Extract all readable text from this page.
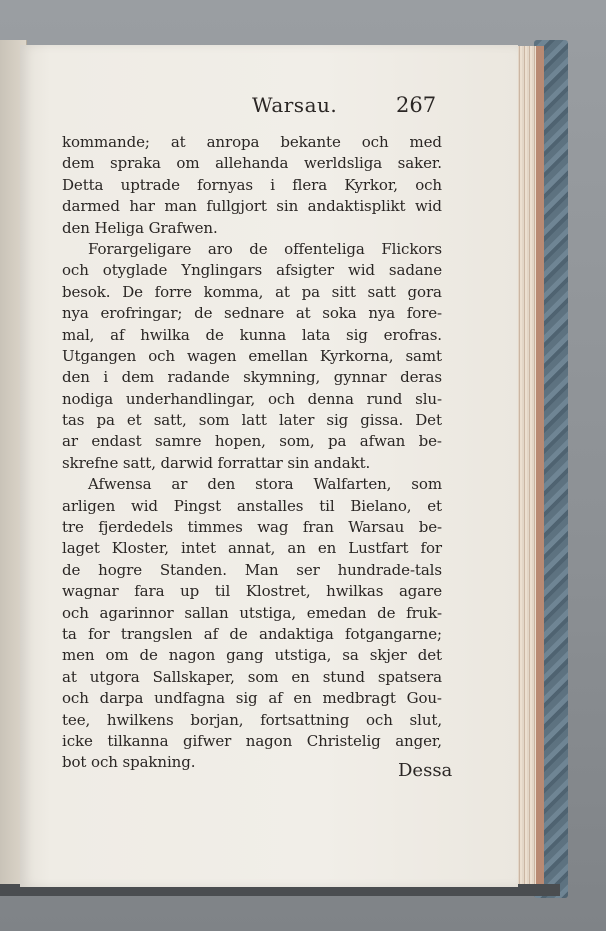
Warsau.	267
kommande; at anropa bekante och med
dem spraka om allehanda werldsliga saker.
Detta uptrade fornyas i flera Kyrkor, och
darmed har man fullgjort sin andaktisplikt wid
den Heliga Grafwen.
Forargeligare aro de offenteliga Flickors
och otyglade Ynglingars afsigter wid sadane
besok. De forre komma, at pa sitt satt gora
nya erofringar; de sednare at soka nya fore-
mal, af hwilka de kunna lata sig erofras.
Utgangen och wagen emellan Kyrkorna, samt
den i dem radande skymning, gynnar deras
nodiga underhandlingar, och denna rund slu-
tas pa et satt, som latt later sig gissa. Det
ar endast samre hopen, som, pa afwan be-
skrefne satt, darwid forrattar sin andakt.
Afwensa ar den stora Walfarten, som
arligen wid Pingst anstalles til Bielano, et
tre fjerdedels timmes wag fran Warsau be-
laget Kloster, intet annat, an en Lustfart for
de hogre Standen. Man ser hundrade-tals
wagnar fara up til Klostret, hwilkas agare
och agarinnor sallan utstiga, emedan de fruk-
ta for trangslen af de andaktiga fotgangarne;
men om de nagon gang utstiga, sa skjer det
at utgora Sallskaper, som en stund spatsera
och darpa undfagna sig af en medbragt Gou-
tee, hwilkens borjan, fortsattning och slut,
icke tilkanna gifwer nagon Christelig anger,
bot och spakning.	Dessa
